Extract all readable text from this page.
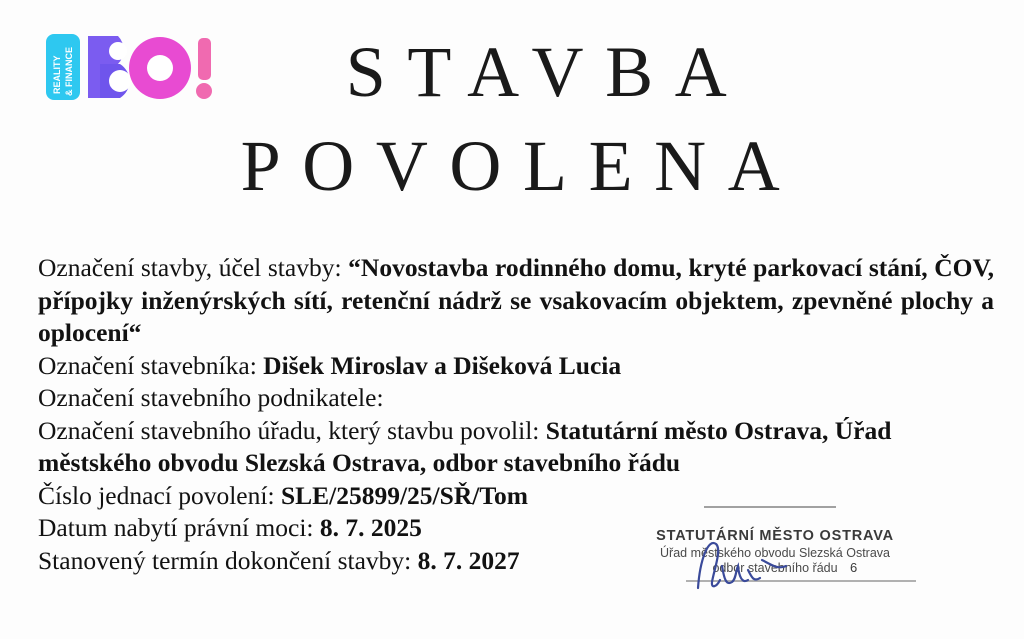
REALITY & FINANCE	STAVBA
POVOLENA

Označení stavby, účel stavby: “Novostavba rodinného domu, kryté parkovací stání, ČOV, přípojky inženýrských sítí, retenční nádrž se vsakovacím objektem, zpevněné plochy a oplocení“

Označení stavebníka: Dišek Miroslav a Dišeková Lucia

Označení stavebního podnikatele:

Označení stavebního úřadu, který stavbu povolil: Statutární město Ostrava, Úřad městského obvodu Slezská Ostrava, odbor stavebního řádu

Číslo jednací povolení: SLE/25899/25/SŘ/Tom

Datum nabytí právní moci: 8. 7. 2025

Stanovený termín dokončení stavby: 8. 7. 2027

STATUTÁRNÍ MĚSTO OSTRAVA
Úřad městského obvodu Slezská Ostrava
odbor stavebního řádu 6
